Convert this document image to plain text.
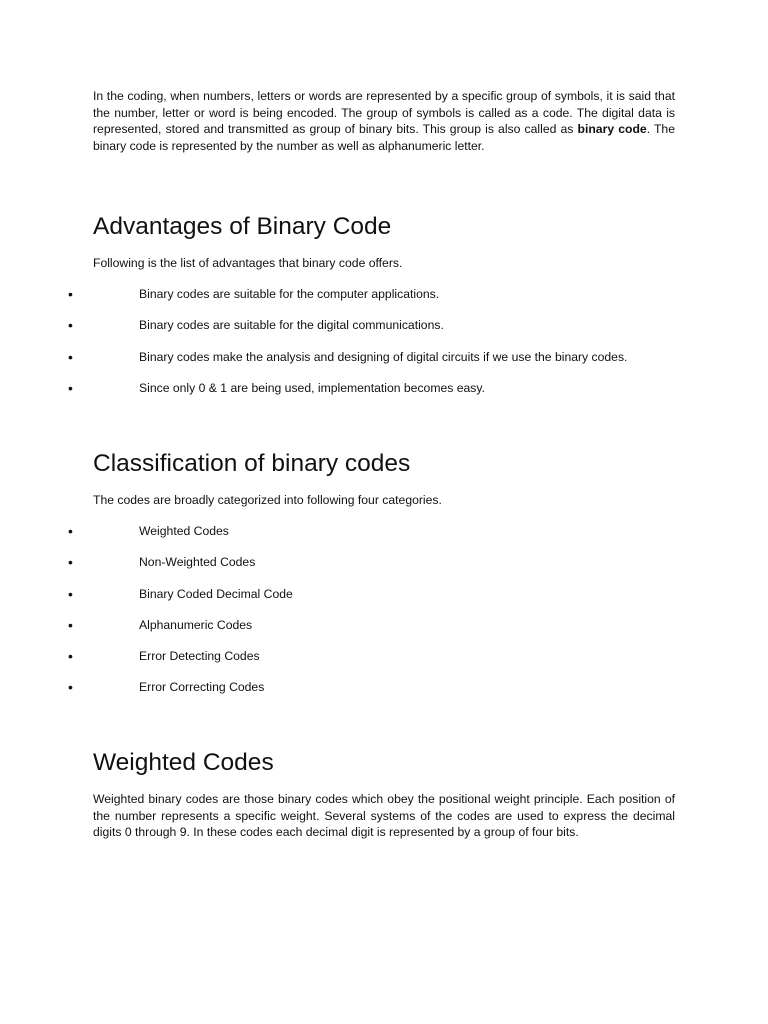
In the coding, when numbers, letters or words are represented by a specific group of symbols, it is said that the number, letter or word is being encoded. The group of symbols is called as a code. The digital data is represented, stored and transmitted as group of binary bits. This group is also called as binary code. The binary code is represented by the number as well as alphanumeric letter.

Advantages of Binary Code

Following is the list of advantages that binary code offers.

•	Binary codes are suitable for the computer applications.
•	Binary codes are suitable for the digital communications.
•	Binary codes make the analysis and designing of digital circuits if we use the binary codes.
•	Since only 0 & 1 are being used, implementation becomes easy.
Classification of binary codes

The codes are broadly categorized into following four categories.

•	Weighted Codes
•	Non-Weighted Codes
•	Binary Coded Decimal Code
•	Alphanumeric Codes
•	Error Detecting Codes
•	Error Correcting Codes
Weighted Codes

Weighted binary codes are those binary codes which obey the positional weight principle. Each position of the number represents a specific weight. Several systems of the codes are used to express the decimal digits 0 through 9. In these codes each decimal digit is represented by a group of four bits.
